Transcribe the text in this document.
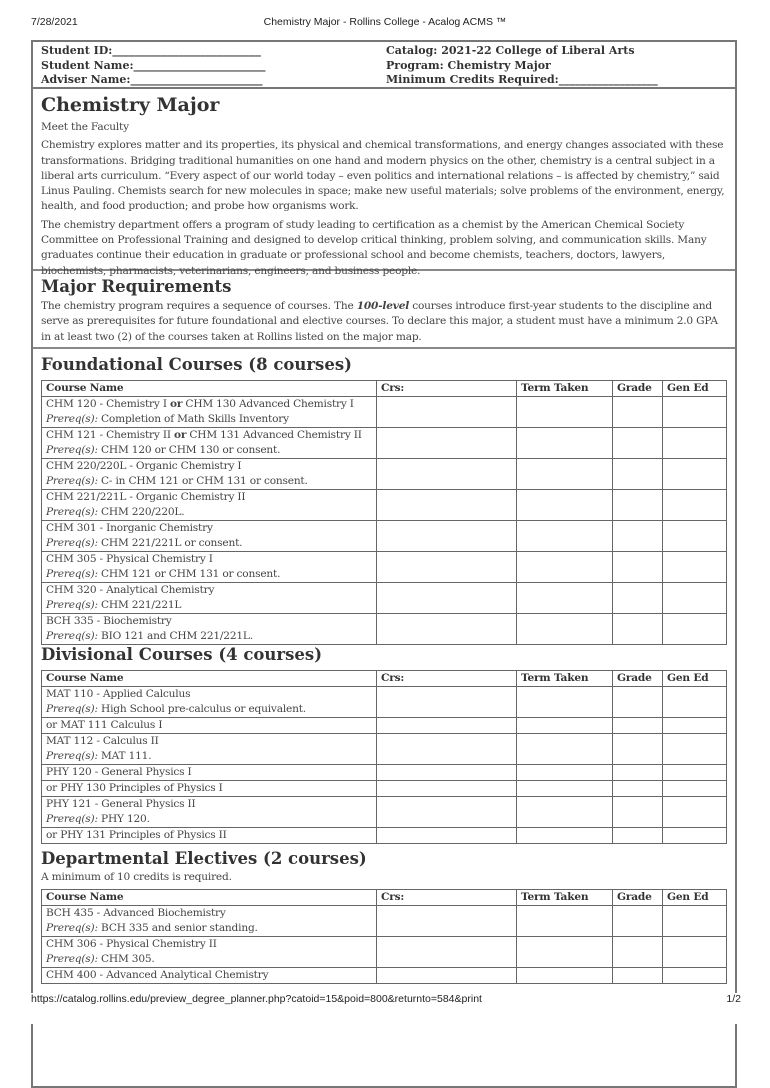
7/28/2021	Chemistry Major - Rollins College - Acalog ACMS ™
Student ID:___________________________
Student Name:________________________
Adviser Name:________________________
Catalog: 2021-22 College of Liberal Arts
Program: Chemistry Major
Minimum Credits Required:__________________
Chemistry Major

Meet the Faculty

Chemistry explores matter and its properties, its physical and chemical transformations, and energy changes associated with these transformations. Bridging traditional humanities on one hand and modern physics on the other, chemistry is a central subject in a liberal arts curriculum. “Every aspect of our world today – even politics and international relations – is affected by chemistry,” said Linus Pauling. Chemists search for new molecules in space; make new useful materials; solve problems of the environment, energy, health, and food production; and probe how organisms work.

The chemistry department offers a program of study leading to certification as a chemist by the American Chemical Society Committee on Professional Training and designed to develop critical thinking, problem solving, and communication skills. Many graduates continue their education in graduate or professional school and become chemists, teachers, doctors, lawyers, biochemists, pharmacists, veterinarians, engineers, and business people.

Major Requirements

The chemistry program requires a sequence of courses. The 100-level courses introduce first-year students to the discipline and serve as prerequisites for future foundational and elective courses. To declare this major, a student must have a minimum 2.0 GPA in at least two (2) of the courses taken at Rollins listed on the major map.

Foundational Courses (8 courses)
Course Name	Crs:	Term Taken	Grade	Gen Ed

CHM 120 - Chemistry I or CHM 130 Advanced Chemistry I
Prereq(s): Completion of Math Skills Inventory				

CHM 121 - Chemistry II or CHM 131 Advanced Chemistry II
Prereq(s): CHM 120 or CHM 130 or consent.				

CHM 220/220L - Organic Chemistry I
Prereq(s): C- in CHM 121 or CHM 131 or consent.				

CHM 221/221L - Organic Chemistry II
Prereq(s): CHM 220/220L.				

CHM 301 - Inorganic Chemistry
Prereq(s): CHM 221/221L or consent.				

CHM 305 - Physical Chemistry I
Prereq(s): CHM 121 or CHM 131 or consent.				

CHM 320 - Analytical Chemistry
Prereq(s): CHM 221/221L				

BCH 335 - Biochemistry
Prereq(s): BIO 121 and CHM 221/221L.				

Divisional Courses (4 courses)
Course Name	Crs:	Term Taken	Grade	Gen Ed

MAT 110 - Applied Calculus
Prereq(s): High School pre-calculus or equivalent.				

or MAT 111 Calculus I				

MAT 112 - Calculus II
Prereq(s): MAT 111.				

PHY 120 - General Physics I				

or PHY 130 Principles of Physics I				

PHY 121 - General Physics II
Prereq(s): PHY 120.				

or PHY 131 Principles of Physics II				

Departmental Electives (2 courses)

A minimum of 10 credits is required.

Course Name	Crs:	Term Taken	Grade	Gen Ed

BCH 435 - Advanced Biochemistry
Prereq(s): BCH 335 and senior standing.				

CHM 306 - Physical Chemistry II
Prereq(s): CHM 305.				

CHM 400 - Advanced Analytical Chemistry				

https://catalog.rollins.edu/preview_degree_planner.php?catoid=15&poid=800&returnto=584&print	1/2
